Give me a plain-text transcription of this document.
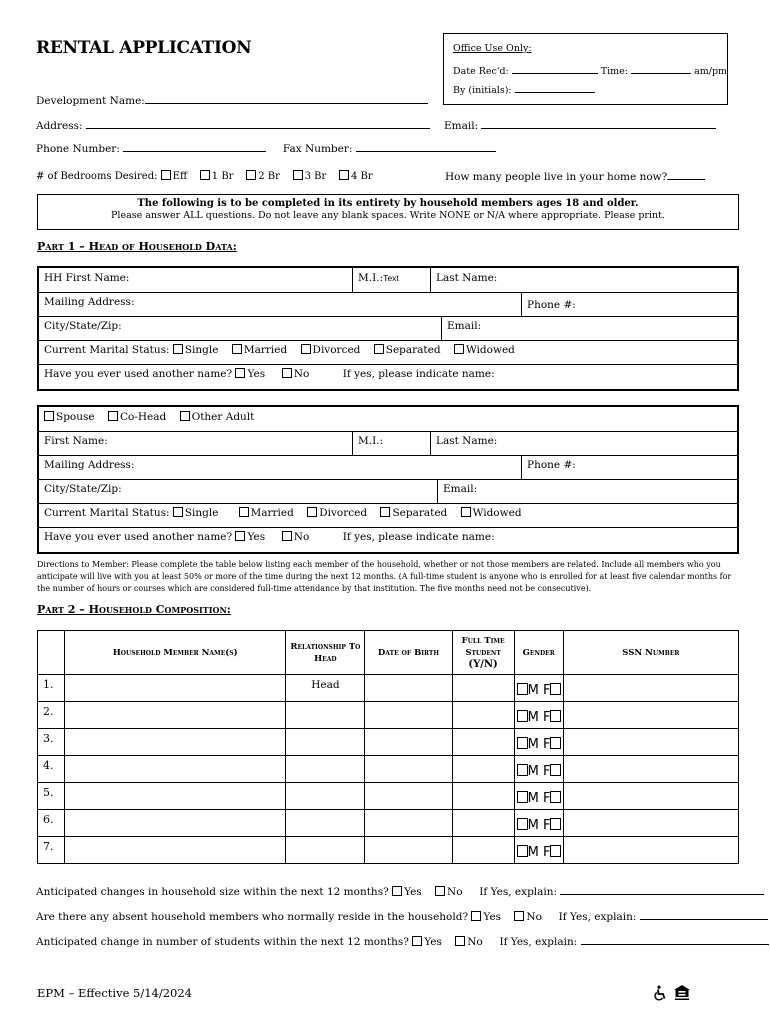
RENTAL APPLICATION	Office Use Only:
Date Rec'd:	Time:	am/pm
By (initials):
Development Name:
Address:	Email:
Phone Number:	Fax Number:
# of Bedrooms Desired: Eff 1 Br 2 Br 3 Br 4 Br	How many people live in your home now?
The following is to be completed in its entirety by household members ages 18 and older.
Please answer ALL questions. Do not leave any blank spaces. Write NONE or N/A where appropriate. Please print.
Part 1 – Head of Household Data:
HH First Name:	M.I.:Text	Last Name:
Mailing Address:	Phone #:
City/State/Zip:	Email:
Current Marital Status: Single Married Divorced Separated Widowed
Have you ever used another name? Yes	No	If yes, please indicate name:
Spouse Co-Head Other Adult
First Name:	M.I.:	Last Name:
Mailing Address:	Phone #:
City/State/Zip:	Email:
Current Marital Status: Single	Married Divorced Separated Widowed
Have you ever used another name? Yes	No	If yes, please indicate name:
Directions to Member: Please complete the table below listing each member of the household, whether or not those members are related. Include all members who you anticipate will live with you at least 50% or more of the time during the next 12 months. (A full-time student is anyone who is enrolled for at least five calendar months for the number of hours or courses which are considered full-time attendance by that institution. The five months need not be consecutive).
Part 2 – Household Composition:
	Household Member Name(s)	Relationship To Head	Date of Birth	Full Time
Student
(Y/N)	Gender	SSN Number
1.		Head			M F	
2.					M F	
3.					M F	
4.					M F	
5.					M F	
6.					M F	
7.					M F	
Anticipated changes in household size within the next 12 months? Yes No If Yes, explain:
Are there any absent household members who normally reside in the household? Yes No If Yes, explain:
Anticipated change in number of students within the next 12 months? Yes No If Yes, explain:
EPM – Effective 5/14/2024
